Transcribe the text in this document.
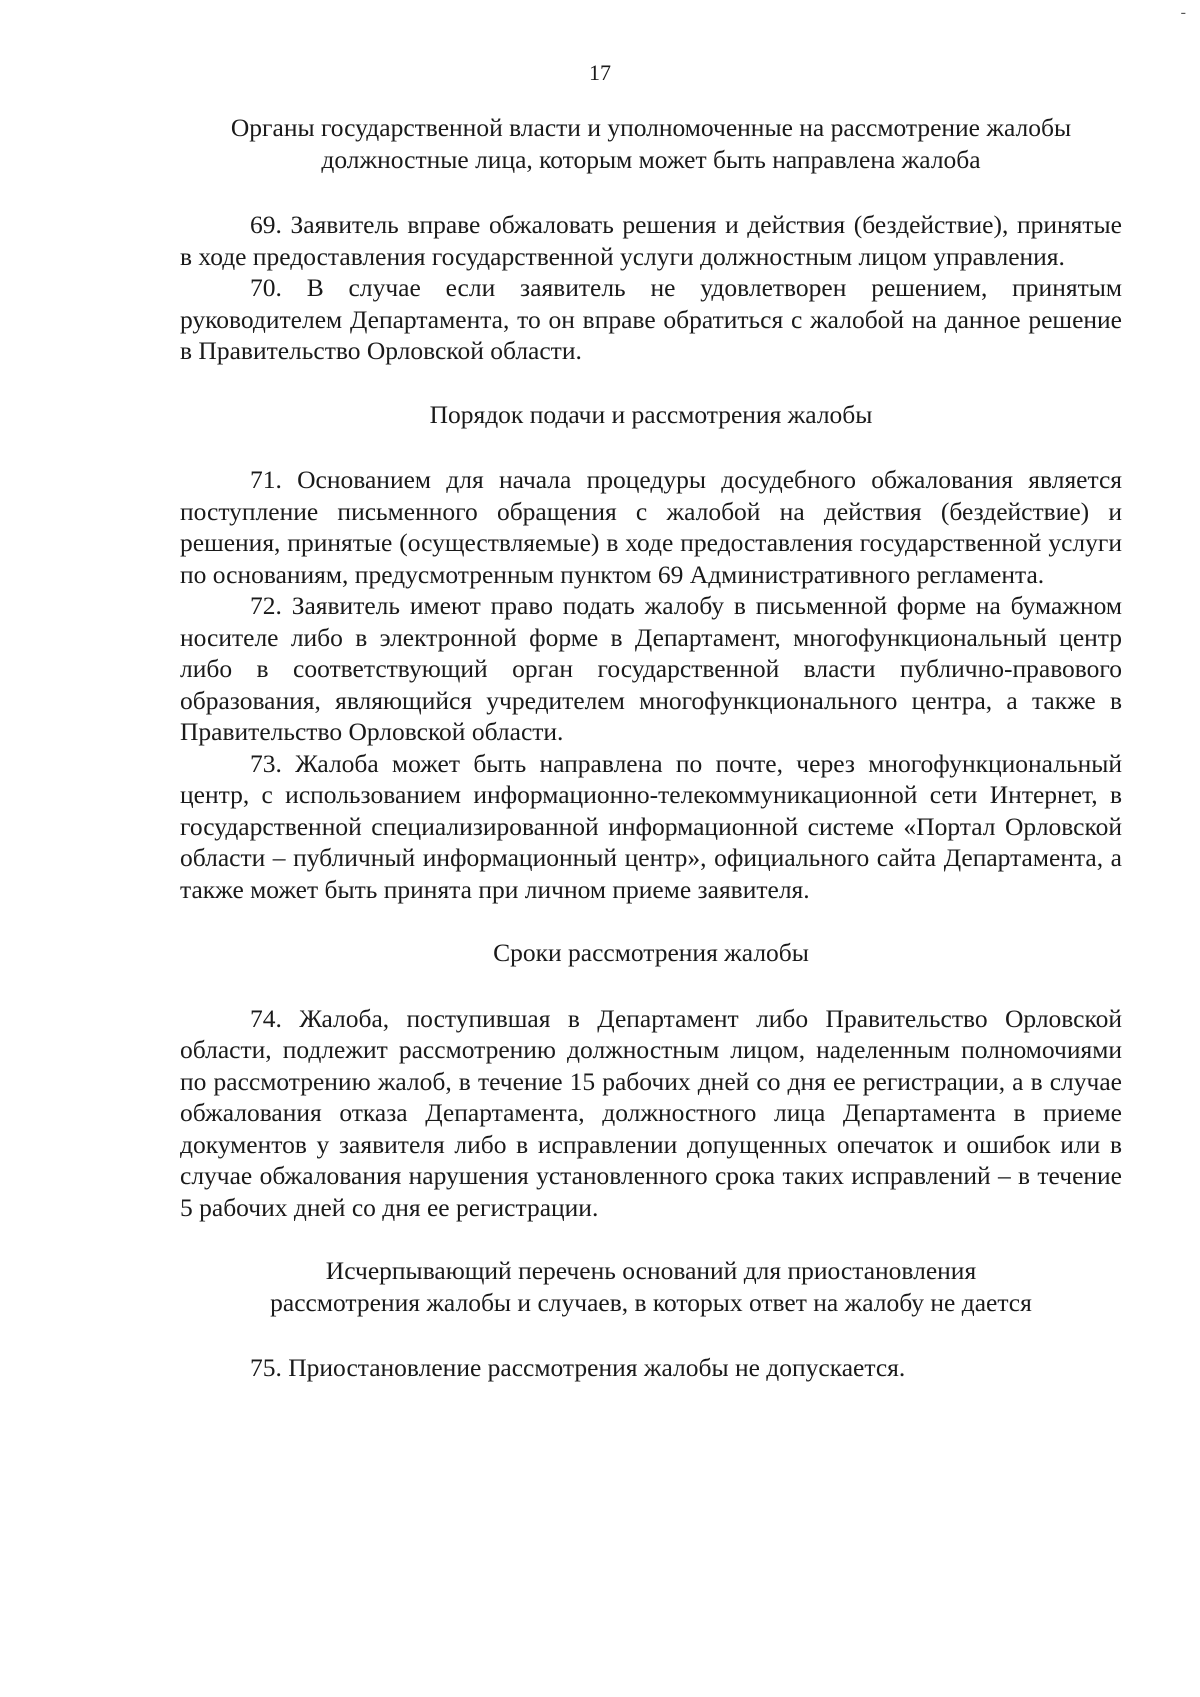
-
17

Органы государственной власти и уполномоченные на рассмотрение жалобы должностные лица, которым может быть направлена жалоба

69. Заявитель вправе обжаловать решения и действия (бездействие), принятые в ходе предоставления государственной услуги должностным лицом управления.

70. В случае если заявитель не удовлетворен решением, принятым руководителем Департамента, то он вправе обратиться с жалобой на данное решение в Правительство Орловской области.

Порядок подачи и рассмотрения жалобы

71. Основанием для начала процедуры досудебного обжалования является поступление письменного обращения с жалобой на действия (бездействие) и решения, принятые (осуществляемые) в ходе предоставления государственной услуги по основаниям, предусмотренным пунктом 69 Административного регламента.

72. Заявитель имеют право подать жалобу в письменной форме на бумажном носителе либо в электронной форме в Департамент, многофункциональный центр либо в соответствующий орган государственной власти публично-правового образования, являющийся учредителем многофункционального центра, а также в Правительство Орловской области.

73. Жалоба может быть направлена по почте, через многофункциональный центр, с использованием информационно-телекоммуникационной сети Интернет, в государственной специализированной информационной системе «Портал Орловской области – публичный информационный центр», официального сайта Департамента, а также может быть принята при личном приеме заявителя.

Сроки рассмотрения жалобы

74. Жалоба, поступившая в Департамент либо Правительство Орловской области, подлежит рассмотрению должностным лицом, наделенным полномочиями по рассмотрению жалоб, в течение 15 рабочих дней со дня ее регистрации, а в случае обжалования отказа Департамента, должностного лица Департамента в приеме документов у заявителя либо в исправлении допущенных опечаток и ошибок или в случае обжалования нарушения установленного срока таких исправлений – в течение 5 рабочих дней со дня ее регистрации.

Исчерпывающий перечень оснований для приостановления
рассмотрения жалобы и случаев, в которых ответ на жалобу не дается

75. Приостановление рассмотрения жалобы не допускается.
